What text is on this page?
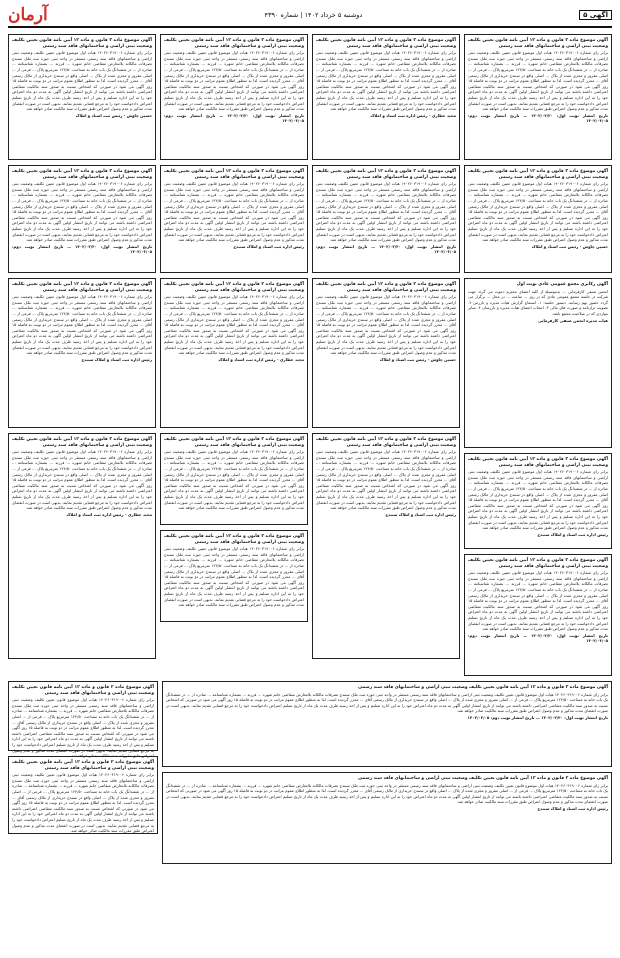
آگهی ۵
دوشنبه ۵ خرداد ۱۴۰۲ | شماره ۴۳۹۰
آرمان
آگهی موضوع ماده ۳ قانون و ماده ۱۳ آیین نامه قانون تعیین تکلیف وضعیت ثبتی اراضی و ساختمانهای فاقد سند رسمی
برابر رای شماره ۱۴۰۲۶۰۳۱۹۰۰۶ هیات اول موضوع قانون تعیین تکلیف وضعیت ثبتی اراضی و ساختمانهای فاقد سند رسمی مستقر در واحد ثبتی حوزه ثبت ملک سنندج تصرفات مالکانه بلامعارض متقاضی خانم شهره ... فرزند ... بشماره شناسنامه ... صادره از ... در ششدانگ یک باب خانه به مساحت ۱۲۴/۵۰ مترمربع پلاک ... فرعی از ... اصلی مفروز و مجزی شده از پلاک ... اصلی واقع در سنندج خریداری از مالک رسمی آقای ... محرز گردیده است. لذا به منظور اطلاع عموم مراتب در دو نوبت به فاصله ۱۵ روز آگهی می شود در صورتی که اشخاص نسبت به صدور سند مالکیت متقاضی اعتراضی داشته باشند می توانند از تاریخ انتشار اولین آگهی به مدت دو ماه اعتراض خود را به این اداره تسلیم و پس از اخذ رسید ظرف مدت یک ماه از تاریخ تسلیم اعتراض دادخواست خود را به مرجع قضایی تقدیم نمایند. بدیهی است در صورت انقضای مدت مذکور و عدم وصول اعتراض طبق مقررات سند مالکیت صادر خواهد شد.
تاریخ انتشار نوبت اول: ۱۴۰۲/۰۲/۲۰ — تاریخ انتشار نوبت دوم: ۱۴۰۲/۰۳/۰۵
آگهی موضوع ماده ۳ قانون و ماده ۱۳ آیین نامه قانون تعیین تکلیف وضعیت ثبتی اراضی و ساختمانهای فاقد سند رسمی
برابر رای شماره ۱۴۰۲۶۰۳۱۹۰۰۶ هیات اول موضوع قانون تعیین تکلیف وضعیت ثبتی اراضی و ساختمانهای فاقد سند رسمی مستقر در واحد ثبتی حوزه ثبت ملک سنندج تصرفات مالکانه بلامعارض متقاضی خانم شهره ... فرزند ... بشماره شناسنامه ... صادره از ... در ششدانگ یک باب خانه به مساحت ۱۲۴/۵۰ مترمربع پلاک ... فرعی از ... اصلی مفروز و مجزی شده از پلاک ... اصلی واقع در سنندج خریداری از مالک رسمی آقای ... محرز گردیده است. لذا به منظور اطلاع عموم مراتب در دو نوبت به فاصله ۱۵ روز آگهی می شود در صورتی که اشخاص نسبت به صدور سند مالکیت متقاضی اعتراضی داشته باشند می توانند از تاریخ انتشار اولین آگهی به مدت دو ماه اعتراض خود را به این اداره تسلیم و پس از اخذ رسید ظرف مدت یک ماه از تاریخ تسلیم اعتراض دادخواست خود را به مرجع قضایی تقدیم نمایند. بدیهی است در صورت انقضای مدت مذکور و عدم وصول اعتراض طبق مقررات سند مالکیت صادر خواهد شد.
حسین چاوش - رئیس ثبت اسناد و املاک
آگهی رکابری مجمع عمومی عادی نوبت اول
انجمن صنفی کارفرمایی ... بدینوسیله از کلیه اعضای محترم دعوت می گردد جهت شرکت در جلسه مجمع عمومی عادی که در روز ... ساعت ... در محل ... برگزار می گردد حضور بهم رسانند. دستور جلسه: ۱- استماع گزارش هیات مدیره و بازرس ۲- تصویب ترازنامه و صورت های مالی ۳- انتخاب اعضای هیات مدیره و بازرسان ۴- سایر مواردی که در صلاحیت مجمع باشد.
هیات مدیره انجمن صنفی کارفرمایی
آگهی موضوع ماده ۳ قانون و ماده ۱۳ آیین نامه قانون تعیین تکلیف وضعیت ثبتی اراضی و ساختمانهای فاقد سند رسمی
برابر رای شماره ۱۴۰۲۶۰۳۱۹۰۰۶ هیات اول موضوع قانون تعیین تکلیف وضعیت ثبتی اراضی و ساختمانهای فاقد سند رسمی مستقر در واحد ثبتی حوزه ثبت ملک سنندج تصرفات مالکانه بلامعارض متقاضی خانم شهره ... فرزند ... بشماره شناسنامه ... صادره از ... در ششدانگ یک باب خانه به مساحت ۱۲۴/۵۰ مترمربع پلاک ... فرعی از ... اصلی مفروز و مجزی شده از پلاک ... اصلی واقع در سنندج خریداری از مالک رسمی آقای ... محرز گردیده است. لذا به منظور اطلاع عموم مراتب در دو نوبت به فاصله ۱۵ روز آگهی می شود در صورتی که اشخاص نسبت به صدور سند مالکیت متقاضی اعتراضی داشته باشند می توانند از تاریخ انتشار اولین آگهی به مدت دو ماه اعتراض خود را به این اداره تسلیم و پس از اخذ رسید ظرف مدت یک ماه از تاریخ تسلیم اعتراض دادخواست خود را به مرجع قضایی تقدیم نمایند. بدیهی است در صورت انقضای مدت مذکور و عدم وصول اعتراض طبق مقررات سند مالکیت صادر خواهد شد.
رئیس اداره ثبت اسناد و املاک سنندج
آگهی موضوع ماده ۳ قانون و ماده ۱۳ آیین نامه قانون تعیین تکلیف وضعیت ثبتی اراضی و ساختمانهای فاقد سند رسمی
برابر رای شماره ۱۴۰۲۶۰۳۱۹۰۰۶ هیات اول موضوع قانون تعیین تکلیف وضعیت ثبتی اراضی و ساختمانهای فاقد سند رسمی مستقر در واحد ثبتی حوزه ثبت ملک سنندج تصرفات مالکانه بلامعارض متقاضی خانم شهره ... فرزند ... بشماره شناسنامه ... صادره از ... در ششدانگ یک باب خانه به مساحت ۱۲۴/۵۰ مترمربع پلاک ... فرعی از ... اصلی مفروز و مجزی شده از پلاک ... اصلی واقع در سنندج خریداری از مالک رسمی آقای ... محرز گردیده است. لذا به منظور اطلاع عموم مراتب در دو نوبت به فاصله ۱۵ روز آگهی می شود در صورتی که اشخاص نسبت به صدور سند مالکیت متقاضی اعتراضی داشته باشند می توانند از تاریخ انتشار اولین آگهی به مدت دو ماه اعتراض خود را به این اداره تسلیم و پس از اخذ رسید ظرف مدت یک ماه از تاریخ تسلیم اعتراض دادخواست خود را به مرجع قضایی تقدیم نمایند. بدیهی است در صورت انقضای مدت مذکور و عدم وصول اعتراض طبق مقررات سند مالکیت صادر خواهد شد.
تاریخ انتشار نوبت اول: ۱۴۰۲/۰۲/۲۰ — تاریخ انتشار نوبت دوم: ۱۴۰۲/۰۳/۰۵
آگهی موضوع ماده ۳ قانون و ماده ۱۳ آیین نامه قانون تعیین تکلیف وضعیت ثبتی اراضی و ساختمانهای فاقد سند رسمی
برابر رای شماره ۱۴۰۲۶۰۳۱۹۰۰۶ هیات اول موضوع قانون تعیین تکلیف وضعیت ثبتی اراضی و ساختمانهای فاقد سند رسمی مستقر در واحد ثبتی حوزه ثبت ملک سنندج تصرفات مالکانه بلامعارض متقاضی خانم شهره ... فرزند ... بشماره شناسنامه ... صادره از ... در ششدانگ یک باب خانه به مساحت ۱۲۴/۵۰ مترمربع پلاک ... فرعی از ... اصلی مفروز و مجزی شده از پلاک ... اصلی واقع در سنندج خریداری از مالک رسمی آقای ... محرز گردیده است. لذا به منظور اطلاع عموم مراتب در دو نوبت به فاصله ۱۵ روز آگهی می شود در صورتی که اشخاص نسبت به صدور سند مالکیت متقاضی اعتراضی داشته باشند می توانند از تاریخ انتشار اولین آگهی به مدت دو ماه اعتراض خود را به این اداره تسلیم و پس از اخذ رسید ظرف مدت یک ماه از تاریخ تسلیم اعتراض دادخواست خود را به مرجع قضایی تقدیم نمایند. بدیهی است در صورت انقضای مدت مذکور و عدم وصول اعتراض طبق مقررات سند مالکیت صادر خواهد شد.
مجید عطاری - رئیس اداره ثبت اسناد و املاک
آگهی موضوع ماده ۳ قانون و ماده ۱۳ آیین نامه قانون تعیین تکلیف وضعیت ثبتی اراضی و ساختمانهای فاقد سند رسمی
برابر رای شماره ۱۴۰۲۶۰۳۱۹۰۰۶ هیات اول موضوع قانون تعیین تکلیف وضعیت ثبتی اراضی و ساختمانهای فاقد سند رسمی مستقر در واحد ثبتی حوزه ثبت ملک سنندج تصرفات مالکانه بلامعارض متقاضی خانم شهره ... فرزند ... بشماره شناسنامه ... صادره از ... در ششدانگ یک باب خانه به مساحت ۱۲۴/۵۰ مترمربع پلاک ... فرعی از ... اصلی مفروز و مجزی شده از پلاک ... اصلی واقع در سنندج خریداری از مالک رسمی آقای ... محرز گردیده است. لذا به منظور اطلاع عموم مراتب در دو نوبت به فاصله ۱۵ روز آگهی می شود در صورتی که اشخاص نسبت به صدور سند مالکیت متقاضی اعتراضی داشته باشند می توانند از تاریخ انتشار اولین آگهی به مدت دو ماه اعتراض خود را به این اداره تسلیم و پس از اخذ رسید ظرف مدت یک ماه از تاریخ تسلیم اعتراض دادخواست خود را به مرجع قضایی تقدیم نمایند. بدیهی است در صورت انقضای مدت مذکور و عدم وصول اعتراض طبق مقررات سند مالکیت صادر خواهد شد.
تاریخ انتشار نوبت اول: ۱۴۰۲/۰۲/۲۰ — تاریخ انتشار نوبت دوم: ۱۴۰۲/۰۳/۰۵
آگهی موضوع ماده ۳ قانون و ماده ۱۳ آیین نامه قانون تعیین تکلیف وضعیت ثبتی اراضی و ساختمانهای فاقد سند رسمی
برابر رای شماره ۱۴۰۲۶۰۳۱۹۰۰۶ هیات اول موضوع قانون تعیین تکلیف وضعیت ثبتی اراضی و ساختمانهای فاقد سند رسمی مستقر در واحد ثبتی حوزه ثبت ملک سنندج تصرفات مالکانه بلامعارض متقاضی خانم شهره ... فرزند ... بشماره شناسنامه ... صادره از ... در ششدانگ یک باب خانه به مساحت ۱۲۴/۵۰ مترمربع پلاک ... فرعی از ... اصلی مفروز و مجزی شده از پلاک ... اصلی واقع در سنندج خریداری از مالک رسمی آقای ... محرز گردیده است. لذا به منظور اطلاع عموم مراتب در دو نوبت به فاصله ۱۵ روز آگهی می شود در صورتی که اشخاص نسبت به صدور سند مالکیت متقاضی اعتراضی داشته باشند می توانند از تاریخ انتشار اولین آگهی به مدت دو ماه اعتراض خود را به این اداره تسلیم و پس از اخذ رسید ظرف مدت یک ماه از تاریخ تسلیم اعتراض دادخواست خود را به مرجع قضایی تقدیم نمایند. بدیهی است در صورت انقضای مدت مذکور و عدم وصول اعتراض طبق مقررات سند مالکیت صادر خواهد شد.
حسین چاوش - رئیس ثبت اسناد و املاک
آگهی موضوع ماده ۳ قانون و ماده ۱۳ آیین نامه قانون تعیین تکلیف وضعیت ثبتی اراضی و ساختمانهای فاقد سند رسمی
برابر رای شماره ۱۴۰۲۶۰۳۱۹۰۰۶ هیات اول موضوع قانون تعیین تکلیف وضعیت ثبتی اراضی و ساختمانهای فاقد سند رسمی مستقر در واحد ثبتی حوزه ثبت ملک سنندج تصرفات مالکانه بلامعارض متقاضی خانم شهره ... فرزند ... بشماره شناسنامه ... صادره از ... در ششدانگ یک باب خانه به مساحت ۱۲۴/۵۰ مترمربع پلاک ... فرعی از ... اصلی مفروز و مجزی شده از پلاک ... اصلی واقع در سنندج خریداری از مالک رسمی آقای ... محرز گردیده است. لذا به منظور اطلاع عموم مراتب در دو نوبت به فاصله ۱۵ روز آگهی می شود در صورتی که اشخاص نسبت به صدور سند مالکیت متقاضی اعتراضی داشته باشند می توانند از تاریخ انتشار اولین آگهی به مدت دو ماه اعتراض خود را به این اداره تسلیم و پس از اخذ رسید ظرف مدت یک ماه از تاریخ تسلیم اعتراض دادخواست خود را به مرجع قضایی تقدیم نمایند. بدیهی است در صورت انقضای مدت مذکور و عدم وصول اعتراض طبق مقررات سند مالکیت صادر خواهد شد.
رئیس اداره ثبت اسناد و املاک سنندج
آگهی موضوع ماده ۳ قانون و ماده ۱۳ آیین نامه قانون تعیین تکلیف وضعیت ثبتی اراضی و ساختمانهای فاقد سند رسمی
برابر رای شماره ۱۴۰۲۶۰۳۱۹۰۰۶ هیات اول موضوع قانون تعیین تکلیف وضعیت ثبتی اراضی و ساختمانهای فاقد سند رسمی مستقر در واحد ثبتی حوزه ثبت ملک سنندج تصرفات مالکانه بلامعارض متقاضی خانم شهره ... فرزند ... بشماره شناسنامه ... صادره از ... در ششدانگ یک باب خانه به مساحت ۱۲۴/۵۰ مترمربع پلاک ... فرعی از ... اصلی مفروز و مجزی شده از پلاک ... اصلی واقع در سنندج خریداری از مالک رسمی آقای ... محرز گردیده است. لذا به منظور اطلاع عموم مراتب در دو نوبت به فاصله ۱۵ روز آگهی می شود در صورتی که اشخاص نسبت به صدور سند مالکیت متقاضی اعتراضی داشته باشند می توانند از تاریخ انتشار اولین آگهی به مدت دو ماه اعتراض خود را به این اداره تسلیم و پس از اخذ رسید ظرف مدت یک ماه از تاریخ تسلیم اعتراض دادخواست خود را به مرجع قضایی تقدیم نمایند. بدیهی است در صورت انقضای مدت مذکور و عدم وصول اعتراض طبق مقررات سند مالکیت صادر خواهد شد.
تاریخ انتشار نوبت اول: ۱۴۰۲/۰۲/۲۰ — تاریخ انتشار نوبت دوم: ۱۴۰۲/۰۳/۰۵
آگهی موضوع ماده ۳ قانون و ماده ۱۳ آیین نامه قانون تعیین تکلیف وضعیت ثبتی اراضی و ساختمانهای فاقد سند رسمی
برابر رای شماره ۱۴۰۲۶۰۳۱۹۰۰۶ هیات اول موضوع قانون تعیین تکلیف وضعیت ثبتی اراضی و ساختمانهای فاقد سند رسمی مستقر در واحد ثبتی حوزه ثبت ملک سنندج تصرفات مالکانه بلامعارض متقاضی خانم شهره ... فرزند ... بشماره شناسنامه ... صادره از ... در ششدانگ یک باب خانه به مساحت ۱۲۴/۵۰ مترمربع پلاک ... فرعی از ... اصلی مفروز و مجزی شده از پلاک ... اصلی واقع در سنندج خریداری از مالک رسمی آقای ... محرز گردیده است. لذا به منظور اطلاع عموم مراتب در دو نوبت به فاصله ۱۵ روز آگهی می شود در صورتی که اشخاص نسبت به صدور سند مالکیت متقاضی اعتراضی داشته باشند می توانند از تاریخ انتشار اولین آگهی به مدت دو ماه اعتراض خود را به این اداره تسلیم و پس از اخذ رسید ظرف مدت یک ماه از تاریخ تسلیم اعتراض دادخواست خود را به مرجع قضایی تقدیم نمایند. بدیهی است در صورت انقضای مدت مذکور و عدم وصول اعتراض طبق مقررات سند مالکیت صادر خواهد شد.
رئیس اداره ثبت اسناد و املاک سنندج
آگهی موضوع ماده ۳ قانون و ماده ۱۳ آیین نامه قانون تعیین تکلیف وضعیت ثبتی اراضی و ساختمانهای فاقد سند رسمی
برابر رای شماره ۱۴۰۲۶۰۳۱۹۰۰۶ هیات اول موضوع قانون تعیین تکلیف وضعیت ثبتی اراضی و ساختمانهای فاقد سند رسمی مستقر در واحد ثبتی حوزه ثبت ملک سنندج تصرفات مالکانه بلامعارض متقاضی خانم شهره ... فرزند ... بشماره شناسنامه ... صادره از ... در ششدانگ یک باب خانه به مساحت ۱۲۴/۵۰ مترمربع پلاک ... فرعی از ... اصلی مفروز و مجزی شده از پلاک ... اصلی واقع در سنندج خریداری از مالک رسمی آقای ... محرز گردیده است. لذا به منظور اطلاع عموم مراتب در دو نوبت به فاصله ۱۵ روز آگهی می شود در صورتی که اشخاص نسبت به صدور سند مالکیت متقاضی اعتراضی داشته باشند می توانند از تاریخ انتشار اولین آگهی به مدت دو ماه اعتراض خود را به این اداره تسلیم و پس از اخذ رسید ظرف مدت یک ماه از تاریخ تسلیم اعتراض دادخواست خود را به مرجع قضایی تقدیم نمایند. بدیهی است در صورت انقضای مدت مذکور و عدم وصول اعتراض طبق مقررات سند مالکیت صادر خواهد شد.
مجید عطاری - رئیس اداره ثبت اسناد و املاک
آگهی موضوع ماده ۳ قانون و ماده ۱۳ آیین نامه قانون تعیین تکلیف وضعیت ثبتی اراضی و ساختمانهای فاقد سند رسمی
برابر رای شماره ۱۴۰۲۶۰۳۱۹۰۰۶ هیات اول موضوع قانون تعیین تکلیف وضعیت ثبتی اراضی و ساختمانهای فاقد سند رسمی مستقر در واحد ثبتی حوزه ثبت ملک سنندج تصرفات مالکانه بلامعارض متقاضی خانم شهره ... فرزند ... بشماره شناسنامه ... صادره از ... در ششدانگ یک باب خانه به مساحت ۱۲۴/۵۰ مترمربع پلاک ... فرعی از ... اصلی مفروز و مجزی شده از پلاک ... اصلی واقع در سنندج خریداری از مالک رسمی آقای ... محرز گردیده است. لذا به منظور اطلاع عموم مراتب در دو نوبت به فاصله ۱۵ روز آگهی می شود در صورتی که اشخاص نسبت به صدور سند مالکیت متقاضی اعتراضی داشته باشند می توانند از تاریخ انتشار اولین آگهی به مدت دو ماه اعتراض خود را به این اداره تسلیم و پس از اخذ رسید ظرف مدت یک ماه از تاریخ تسلیم اعتراض دادخواست خود را به مرجع قضایی تقدیم نمایند. بدیهی است در صورت انقضای مدت مذکور و عدم وصول اعتراض طبق مقررات سند مالکیت صادر خواهد شد.
آگهی موضوع ماده ۳ قانون و ماده ۱۳ آیین نامه قانون تعیین تکلیف وضعیت ثبتی اراضی و ساختمانهای فاقد سند رسمی
برابر رای شماره ۱۴۰۲۶۰۳۱۹۰۰۶ هیات اول موضوع قانون تعیین تکلیف وضعیت ثبتی اراضی و ساختمانهای فاقد سند رسمی مستقر در واحد ثبتی حوزه ثبت ملک سنندج تصرفات مالکانه بلامعارض متقاضی خانم شهره ... فرزند ... بشماره شناسنامه ... صادره از ... در ششدانگ یک باب خانه به مساحت ۱۲۴/۵۰ مترمربع پلاک ... فرعی از ... اصلی مفروز و مجزی شده از پلاک ... اصلی واقع در سنندج خریداری از مالک رسمی آقای ... محرز گردیده است. لذا به منظور اطلاع عموم مراتب در دو نوبت به فاصله ۱۵ روز آگهی می شود در صورتی که اشخاص نسبت به صدور سند مالکیت متقاضی اعتراضی داشته باشند می توانند از تاریخ انتشار اولین آگهی به مدت دو ماه اعتراض خود را به این اداره تسلیم و پس از اخذ رسید ظرف مدت یک ماه از تاریخ تسلیم اعتراض دادخواست خود را به مرجع قضایی تقدیم نمایند. بدیهی است در صورت انقضای مدت مذکور و عدم وصول اعتراض طبق مقررات سند مالکیت صادر خواهد شد.
آگهی موضوع ماده ۳ قانون و ماده ۱۳ آیین نامه قانون تعیین تکلیف وضعیت ثبتی اراضی و ساختمانهای فاقد سند رسمی
برابر رای شماره ۱۴۰۲۶۰۳۱۹۰۰۶ هیات اول موضوع قانون تعیین تکلیف وضعیت ثبتی اراضی و ساختمانهای فاقد سند رسمی مستقر در واحد ثبتی حوزه ثبت ملک سنندج تصرفات مالکانه بلامعارض متقاضی خانم شهره ... فرزند ... بشماره شناسنامه ... صادره از ... در ششدانگ یک باب خانه به مساحت ۱۲۴/۵۰ مترمربع پلاک ... فرعی از ... اصلی مفروز و مجزی شده از پلاک ... اصلی واقع در سنندج خریداری از مالک رسمی آقای ... محرز گردیده است. لذا به منظور اطلاع عموم مراتب در دو نوبت به فاصله ۱۵ روز آگهی می شود در صورتی که اشخاص نسبت به صدور سند مالکیت متقاضی اعتراضی داشته باشند می توانند از تاریخ انتشار اولین آگهی به مدت دو ماه اعتراض خود را به این اداره تسلیم و پس از اخذ رسید ظرف مدت یک ماه از تاریخ تسلیم اعتراض دادخواست خود را به مرجع قضایی تقدیم نمایند. بدیهی است در صورت انقضای مدت مذکور و عدم وصول اعتراض طبق مقررات سند مالکیت صادر خواهد شد.
حسین چاوش - رئیس ثبت اسناد و املاک
آگهی موضوع ماده ۳ قانون و ماده ۱۳ آیین نامه قانون تعیین تکلیف وضعیت ثبتی اراضی و ساختمانهای فاقد سند رسمی
برابر رای شماره ۱۴۰۲۶۰۳۱۹۰۰۶ هیات اول موضوع قانون تعیین تکلیف وضعیت ثبتی اراضی و ساختمانهای فاقد سند رسمی مستقر در واحد ثبتی حوزه ثبت ملک سنندج تصرفات مالکانه بلامعارض متقاضی خانم شهره ... فرزند ... بشماره شناسنامه ... صادره از ... در ششدانگ یک باب خانه به مساحت ۱۲۴/۵۰ مترمربع پلاک ... فرعی از ... اصلی مفروز و مجزی شده از پلاک ... اصلی واقع در سنندج خریداری از مالک رسمی آقای ... محرز گردیده است. لذا به منظور اطلاع عموم مراتب در دو نوبت به فاصله ۱۵ روز آگهی می شود در صورتی که اشخاص نسبت به صدور سند مالکیت متقاضی اعتراضی داشته باشند می توانند از تاریخ انتشار اولین آگهی به مدت دو ماه اعتراض خود را به این اداره تسلیم و پس از اخذ رسید ظرف مدت یک ماه از تاریخ تسلیم اعتراض دادخواست خود را به مرجع قضایی تقدیم نمایند. بدیهی است در صورت انقضای مدت مذکور و عدم وصول اعتراض طبق مقررات سند مالکیت صادر خواهد شد.
تاریخ انتشار نوبت اول: ۱۴۰۲/۰۲/۲۰ — تاریخ انتشار نوبت دوم: ۱۴۰۲/۰۳/۰۵
آگهی موضوع ماده ۳ قانون و ماده ۱۳ آیین نامه قانون تعیین تکلیف وضعیت ثبتی اراضی و ساختمانهای فاقد سند رسمی
برابر رای شماره ۱۴۰۲۶۰۳۱۹۰۰۶ هیات اول موضوع قانون تعیین تکلیف وضعیت ثبتی اراضی و ساختمانهای فاقد سند رسمی مستقر در واحد ثبتی حوزه ثبت ملک سنندج تصرفات مالکانه بلامعارض متقاضی خانم شهره ... فرزند ... بشماره شناسنامه ... صادره از ... در ششدانگ یک باب خانه به مساحت ۱۲۴/۵۰ مترمربع پلاک ... فرعی از ... اصلی مفروز و مجزی شده از پلاک ... اصلی واقع در سنندج خریداری از مالک رسمی آقای ... محرز گردیده است. لذا به منظور اطلاع عموم مراتب در دو نوبت به فاصله ۱۵ روز آگهی می شود در صورتی که اشخاص نسبت به صدور سند مالکیت متقاضی اعتراضی داشته باشند می توانند از تاریخ انتشار اولین آگهی به مدت دو ماه اعتراض خود را به این اداره تسلیم و پس از اخذ رسید ظرف مدت یک ماه از تاریخ تسلیم اعتراض دادخواست خود را به مرجع قضایی تقدیم نمایند. بدیهی است در صورت انقضای مدت مذکور و عدم وصول اعتراض طبق مقررات سند مالکیت صادر خواهد شد.
رئیس اداره ثبت اسناد و املاک سنندج
آگهی موضوع ماده ۳ قانون و ماده ۱۳ آیین نامه قانون تعیین تکلیف وضعیت ثبتی اراضی و ساختمانهای فاقد سند رسمی
برابر رای شماره ۱۴۰۲۶۰۳۱۹۰۰۶ هیات اول موضوع قانون تعیین تکلیف وضعیت ثبتی اراضی و ساختمانهای فاقد سند رسمی مستقر در واحد ثبتی حوزه ثبت ملک سنندج تصرفات مالکانه بلامعارض متقاضی خانم شهره ... فرزند ... بشماره شناسنامه ... صادره از ... در ششدانگ یک باب خانه به مساحت ۱۲۴/۵۰ مترمربع پلاک ... فرعی از ... اصلی مفروز و مجزی شده از پلاک ... اصلی واقع در سنندج خریداری از مالک رسمی آقای ... محرز گردیده است. لذا به منظور اطلاع عموم مراتب در دو نوبت به فاصله ۱۵ روز آگهی می شود در صورتی که اشخاص نسبت به صدور سند مالکیت متقاضی اعتراضی داشته باشند می توانند از تاریخ انتشار اولین آگهی به مدت دو ماه اعتراض خود را به این اداره تسلیم و پس از اخذ رسید ظرف مدت یک ماه از تاریخ تسلیم اعتراض دادخواست خود را به مرجع قضایی تقدیم نمایند. بدیهی است در صورت انقضای مدت مذکور و عدم وصول اعتراض طبق مقررات سند مالکیت صادر خواهد شد.
مجید عطاری - رئیس اداره ثبت اسناد و املاک
آگهی موضوع ماده ۳ قانون و ماده ۱۳ آیین نامه قانون تعیین تکلیف وضعیت ثبتی اراضی و ساختمانهای فاقد سند رسمی
برابر رای شماره ۱۴۰۲۶۰۳۱۹۰۰۶ هیات اول موضوع قانون تعیین تکلیف وضعیت ثبتی اراضی و ساختمانهای فاقد سند رسمی مستقر در واحد ثبتی حوزه ثبت ملک سنندج تصرفات مالکانه بلامعارض متقاضی خانم شهره ... فرزند ... بشماره شناسنامه ... صادره از ... در ششدانگ یک باب خانه به مساحت ۱۲۴/۵۰ مترمربع پلاک ... فرعی از ... اصلی مفروز و مجزی شده از پلاک ... اصلی واقع در سنندج خریداری از مالک رسمی آقای ... محرز گردیده است. لذا به منظور اطلاع عموم مراتب در دو نوبت به فاصله ۱۵ روز آگهی می شود در صورتی که اشخاص نسبت به صدور سند مالکیت متقاضی اعتراضی داشته باشند می توانند از تاریخ انتشار اولین آگهی به مدت دو ماه اعتراض خود را به این اداره تسلیم و پس از اخذ رسید ظرف مدت یک ماه از تاریخ تسلیم اعتراض دادخواست خود را به مرجع قضایی تقدیم نمایند. بدیهی است در صورت انقضای مدت مذکور و عدم وصول اعتراض طبق مقررات سند مالکیت صادر خواهد شد.
تاریخ انتشار نوبت اول: ۱۴۰۲/۰۲/۲۰ — تاریخ انتشار نوبت دوم: ۱۴۰۲/۰۳/۰۵
آگهی موضوع ماده ۳ قانون و ماده ۱۳ آیین نامه قانون تعیین تکلیف وضعیت ثبتی اراضی و ساختمانهای فاقد سند رسمی
برابر رای شماره ۱۴۰۲۶۰۳۱۹۰۰۶ هیات اول موضوع قانون تعیین تکلیف وضعیت ثبتی اراضی و ساختمانهای فاقد سند رسمی مستقر در واحد ثبتی حوزه ثبت ملک سنندج تصرفات مالکانه بلامعارض متقاضی خانم شهره ... فرزند ... بشماره شناسنامه ... صادره از ... در ششدانگ یک باب خانه به مساحت ۱۲۴/۵۰ مترمربع پلاک ... فرعی از ... اصلی مفروز و مجزی شده از پلاک ... اصلی واقع در سنندج خریداری از مالک رسمی آقای ... محرز گردیده است. لذا به منظور اطلاع عموم مراتب در دو نوبت به فاصله ۱۵ روز آگهی می شود در صورتی که اشخاص نسبت به صدور سند مالکیت متقاضی اعتراضی داشته باشند می توانند از تاریخ انتشار اولین آگهی به مدت دو ماه اعتراض خود را به این اداره تسلیم و پس از اخذ رسید ظرف مدت یک ماه از تاریخ تسلیم اعتراض دادخواست خود را به مرجع قضایی تقدیم نمایند. بدیهی است در صورت انقضای مدت مذکور و عدم وصول اعتراض طبق مقررات سند مالکیت صادر خواهد شد.
رئیس اداره ثبت اسناد و املاک سنندج
آگهی موضوع ماده ۳ قانون و ماده ۱۳ آیین نامه قانون تعیین تکلیف وضعیت ثبتی اراضی و ساختمانهای فاقد سند رسمی
برابر رای شماره ۱۴۰۲۶۰۳۱۹۰۰۶ هیات اول موضوع قانون تعیین تکلیف وضعیت ثبتی اراضی و ساختمانهای فاقد سند رسمی مستقر در واحد ثبتی حوزه ثبت ملک سنندج تصرفات مالکانه بلامعارض متقاضی خانم شهره ... فرزند ... بشماره شناسنامه ... صادره از ... در ششدانگ یک باب خانه به مساحت ۱۲۴/۵۰ مترمربع پلاک ... فرعی از ... اصلی مفروز و مجزی شده از پلاک ... اصلی واقع در سنندج خریداری از مالک رسمی آقای ... محرز گردیده است. لذا به منظور اطلاع عموم مراتب در دو نوبت به فاصله ۱۵ روز آگهی می شود در صورتی که اشخاص نسبت به صدور سند مالکیت متقاضی اعتراضی داشته باشند می توانند از تاریخ انتشار اولین آگهی به مدت دو ماه اعتراض خود را به این اداره تسلیم و پس از اخذ رسید ظرف مدت یک ماه از تاریخ تسلیم اعتراض دادخواست خود را به مرجع قضایی تقدیم نمایند. بدیهی است در صورت انقضای مدت مذکور و عدم وصول اعتراض طبق مقررات سند مالکیت صادر خواهد شد.
آگهی موضوع ماده ۳ قانون و ماده ۱۳ آیین نامه قانون تعیین تکلیف وضعیت ثبتی اراضی و ساختمانهای فاقد سند رسمی
برابر رای شماره ۱۴۰۲۶۰۳۱۹۰۰۶ هیات اول موضوع قانون تعیین تکلیف وضعیت ثبتی اراضی و ساختمانهای فاقد سند رسمی مستقر در واحد ثبتی حوزه ثبت ملک سنندج تصرفات مالکانه بلامعارض متقاضی خانم شهره ... فرزند ... بشماره شناسنامه ... صادره از ... در ششدانگ یک باب خانه به مساحت ۱۲۴/۵۰ مترمربع پلاک ... فرعی از ... اصلی مفروز و مجزی شده از پلاک ... اصلی واقع در سنندج خریداری از مالک رسمی آقای ... محرز گردیده است. لذا به منظور اطلاع عموم مراتب در دو نوبت به فاصله ۱۵ روز آگهی می شود در صورتی که اشخاص نسبت به صدور سند مالکیت متقاضی اعتراضی داشته باشند می توانند از تاریخ انتشار اولین آگهی به مدت دو ماه اعتراض خود را به این اداره تسلیم و پس از اخذ رسید ظرف مدت یک ماه از تاریخ تسلیم اعتراض دادخواست خود را به مرجع قضایی تقدیم نمایند. بدیهی است در صورت انقضای مدت مذکور و عدم وصول اعتراض طبق مقررات سند مالکیت صادر خواهد شد.
